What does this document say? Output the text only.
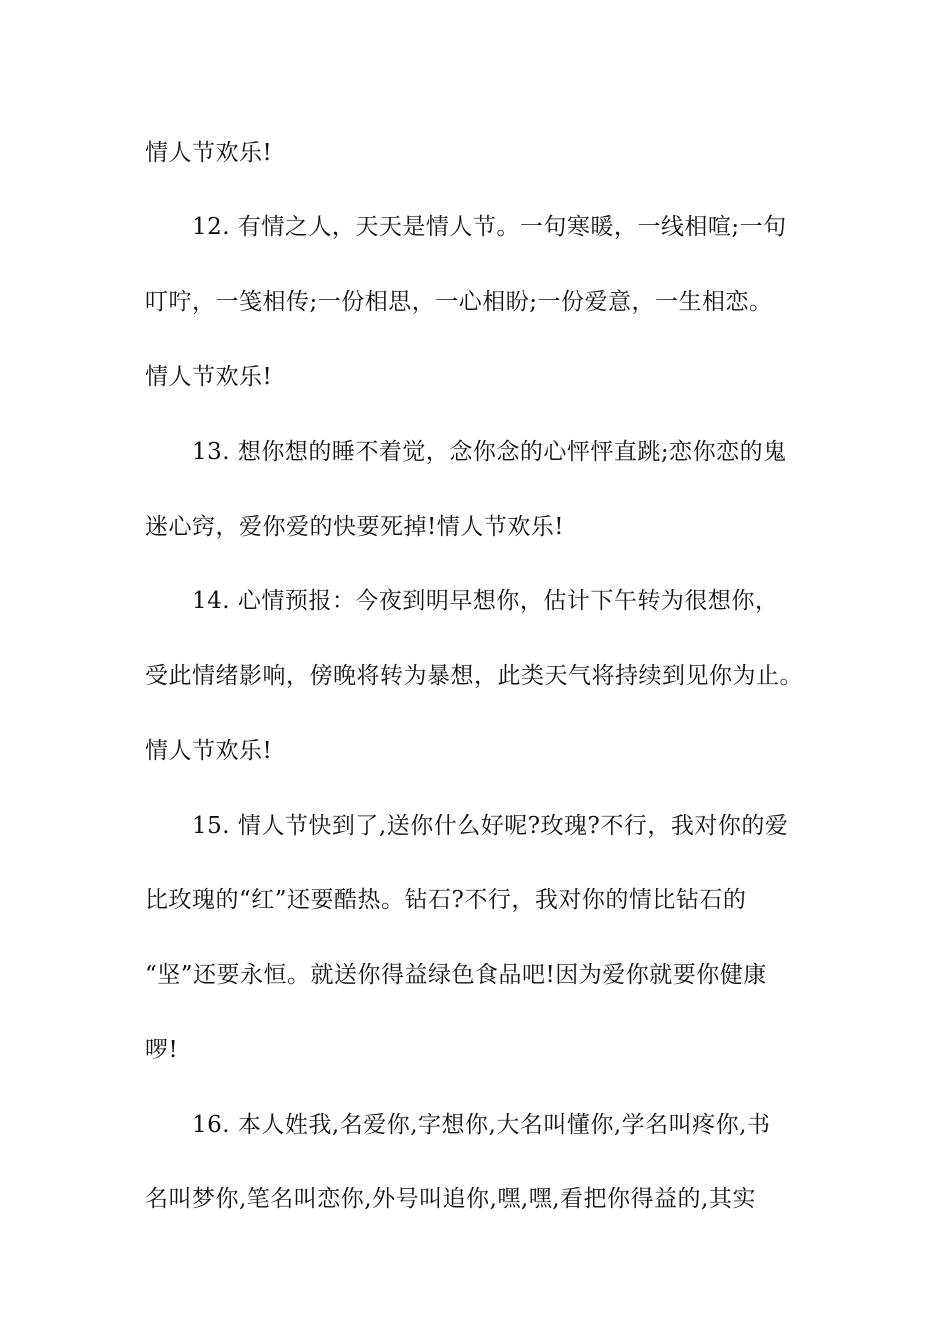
情人节欢乐!
12. 有情之人，天天是情人节。一句寒暖，一线相喧;一句
叮咛，一笺相传;一份相思，一心相盼;一份爱意，一生相恋。
情人节欢乐!
13. 想你想的睡不着觉，念你念的心怦怦直跳;恋你恋的鬼
迷心窍，爱你爱的快要死掉!情人节欢乐!
14. 心情预报：今夜到明早想你，估计下午转为很想你，
受此情绪影响，傍晚将转为暴想，此类天气将持续到见你为止。
情人节欢乐!
15. 情人节快到了,送你什么好呢?玫瑰?不行，我对你的爱
比玫瑰的“红”还要酷热。钻石?不行，我对你的情比钻石的
“坚”还要永恒。就送你得益绿色食品吧!因为爱你就要你健康
啰!
16. 本人姓我,名爱你,字想你,大名叫懂你,学名叫疼你,书
名叫梦你,笔名叫恋你,外号叫追你,嘿,嘿,看把你得益的,其实
